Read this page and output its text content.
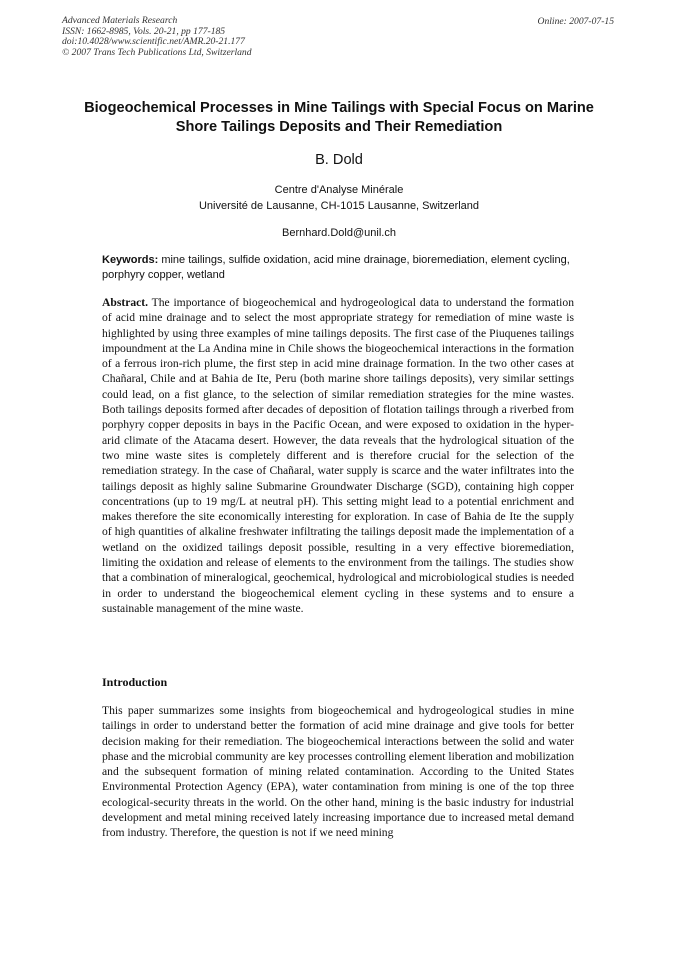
Advanced Materials Research
ISSN: 1662-8985, Vols. 20-21, pp 177-185
doi:10.4028/www.scientific.net/AMR.20-21.177
© 2007 Trans Tech Publications Ltd, Switzerland
Online: 2007-07-15
Biogeochemical Processes in Mine Tailings with Special Focus on Marine Shore Tailings Deposits and Their Remediation
B. Dold
Centre d'Analyse Minérale
Université de Lausanne, CH-1015 Lausanne, Switzerland
Bernhard.Dold@unil.ch
Keywords: mine tailings, sulfide oxidation, acid mine drainage, bioremediation, element cycling, porphyry copper, wetland
Abstract. The importance of biogeochemical and hydrogeological data to understand the formation of acid mine drainage and to select the most appropriate strategy for remediation of mine waste is highlighted by using three examples of mine tailings deposits. The first case of the Piuquenes tailings impoundment at the La Andina mine in Chile shows the biogeochemical interactions in the formation of a ferrous iron-rich plume, the first step in acid mine drainage formation. In the two other cases at Chañaral, Chile and at Bahia de Ite, Peru (both marine shore tailings deposits), very similar settings could lead, on a fist glance, to the selection of similar remediation strategies for the mine wastes. Both tailings deposits formed after decades of deposition of flotation tailings through a riverbed from porphyry copper deposits in bays in the Pacific Ocean, and were exposed to oxidation in the hyper-arid climate of the Atacama desert. However, the data reveals that the hydrological situation of the two mine waste sites is completely different and is therefore crucial for the selection of the remediation strategy. In the case of Chañaral, water supply is scarce and the water infiltrates into the tailings deposit as highly saline Submarine Groundwater Discharge (SGD), containing high copper concentrations (up to 19 mg/L at neutral pH). This setting might lead to a potential enrichment and makes therefore the site economically interesting for exploration. In case of Bahia de Ite the supply of high quantities of alkaline freshwater infiltrating the tailings deposit made the implementation of a wetland on the oxidized tailings deposit possible, resulting in a very effective bioremediation, limiting the oxidation and release of elements to the environment from the tailings. The studies show that a combination of mineralogical, geochemical, hydrological and microbiological studies is needed in order to understand the biogeochemical element cycling in these systems and to ensure a sustainable management of the mine waste.
Introduction
This paper summarizes some insights from biogeochemical and hydrogeological studies in mine tailings in order to understand better the formation of acid mine drainage and give tools for better decision making for their remediation. The biogeochemical interactions between the solid and water phase and the microbial community are key processes controlling element liberation and mobilization and the subsequent formation of mining related contamination. According to the United States Environmental Protection Agency (EPA), water contamination from mining is one of the top three ecological-security threats in the world. On the other hand, mining is the basic industry for industrial development and metal mining received lately increasing importance due to increased metal demand from industry. Therefore, the question is not if we need mining
